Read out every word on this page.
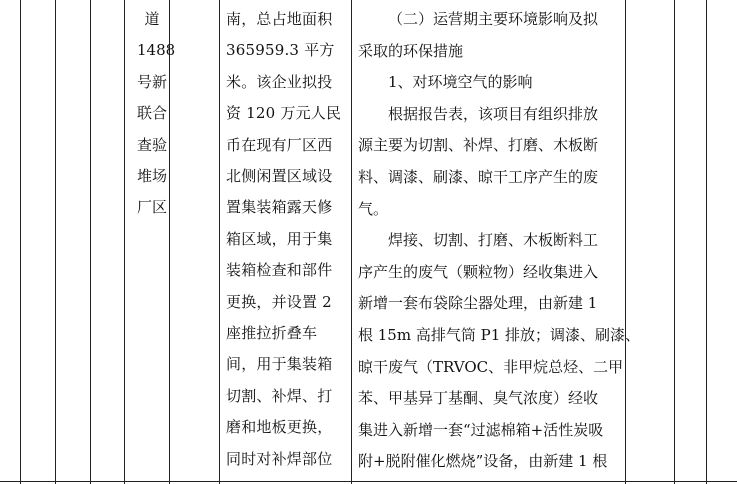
道
1488
号新
联合
查验
堆场
厂区
南，总占地面积
365959.3 平方
米。该企业拟投
资 120 万元人民
币在现有厂区西
北侧闲置区域设
置集装箱露天修
箱区域，用于集
装箱检查和部件
更换，并设置 2
座推拉折叠车
间，用于集装箱
切割、补焊、打
磨和地板更换，
同时对补焊部位
（二）运营期主要环境影响及拟
采取的环保措施
1、对环境空气的影响
根据报告表，该项目有组织排放
源主要为切割、补焊、打磨、木板断
料、调漆、刷漆、晾干工序产生的废
气。
焊接、切割、打磨、木板断料工
序产生的废气（颗粒物）经收集进入
新增一套布袋除尘器处理，由新建 1
根 15m 高排气筒 P1 排放；调漆、刷漆、
晾干废气（TRVOC、非甲烷总烃、二甲
苯、甲基异丁基酮、臭气浓度）经收
集进入新增一套“过滤棉箱+活性炭吸
附+脱附催化燃烧”设备，由新建 1 根
